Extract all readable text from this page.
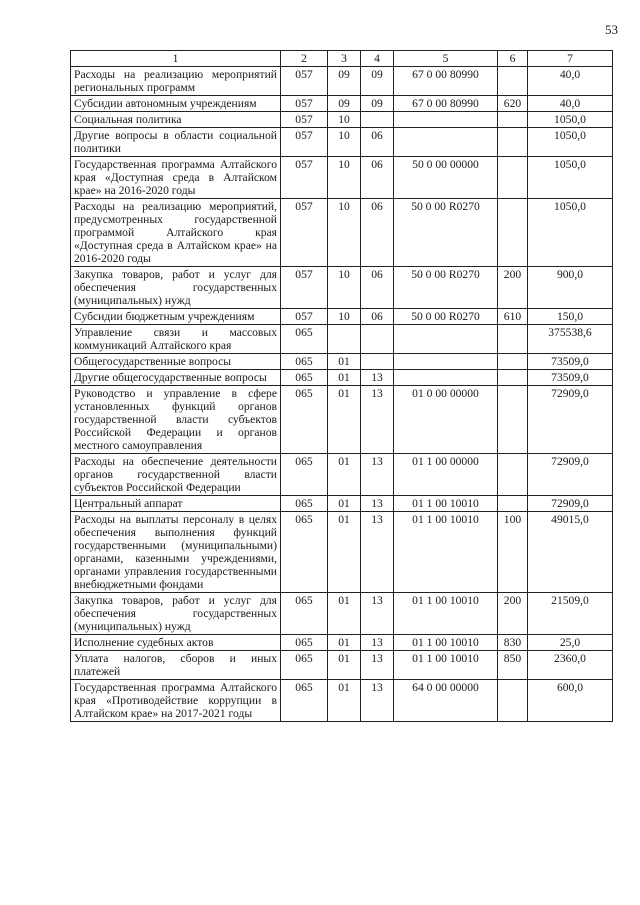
53
1	2	3	4	5	6	7
Расходы на реализацию мероприятий региональных программ	057	09	09	67 0 00 80990		40,0
Субсидии автономным учреждениям	057	09	09	67 0 00 80990	620	40,0
Социальная политика	057	10				1050,0
Другие вопросы в области социальной политики	057	10	06			1050,0
Государственная программа Алтайского края «Доступная среда в Алтайском крае» на 2016-2020 годы	057	10	06	50 0 00 00000		1050,0
Расходы на реализацию мероприятий, предусмотренных государственной программой Алтайского края «Доступная среда в Алтайском крае» на 2016-2020 годы	057	10	06	50 0 00 R0270		1050,0
Закупка товаров, работ и услуг для обеспечения государственных (муниципальных) нужд	057	10	06	50 0 00 R0270	200	900,0
Субсидии бюджетным учреждениям	057	10	06	50 0 00 R0270	610	150,0
Управление связи и массовых коммуникаций Алтайского края	065					375538,6
Общегосударственные вопросы	065	01				73509,0
Другие общегосударственные вопросы	065	01	13			73509,0
Руководство и управление в сфере установленных функций органов государственной власти субъектов Российской Федерации и органов местного самоуправления	065	01	13	01 0 00 00000		72909,0
Расходы на обеспечение деятельности органов государственной власти субъектов Российской Федерации	065	01	13	01 1 00 00000		72909,0
Центральный аппарат	065	01	13	01 1 00 10010		72909,0
Расходы на выплаты персоналу в целях обеспечения выполнения функций государственными (муниципальными) органами, казенными учреждениями, органами управления государственными внебюджетными фондами	065	01	13	01 1 00 10010	100	49015,0
Закупка товаров, работ и услуг для обеспечения государственных (муниципальных) нужд	065	01	13	01 1 00 10010	200	21509,0
Исполнение судебных актов	065	01	13	01 1 00 10010	830	25,0
Уплата налогов, сборов и иных платежей	065	01	13	01 1 00 10010	850	2360,0
Государственная программа Алтайского края «Противодействие коррупции в Алтайском крае» на 2017-2021 годы	065	01	13	64 0 00 00000		600,0
